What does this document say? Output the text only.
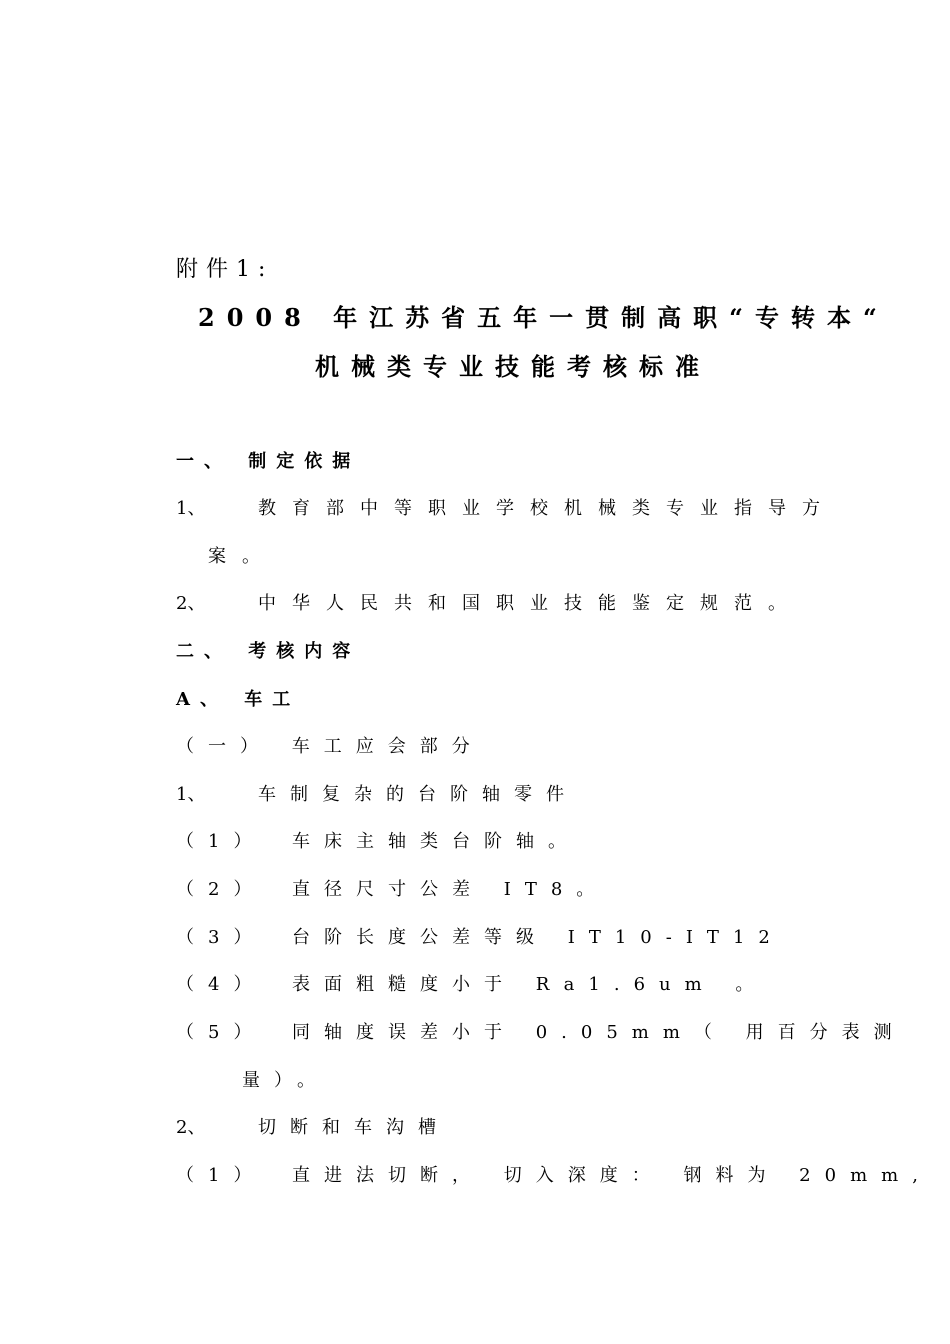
附件1:
2008 年江苏省五年一贯制高职“专转本“
机械类专业技能考核标准
一、 制定依据
1、	教育部中等职业学校机械类专业指导方
案。
2、	中华人民共和国职业技能鉴定规范。
二、 考核内容
A、 车工
（一） 车工应会部分
1、	车制复杂的台阶轴零件
（1） 车床主轴类台阶轴。
（2） 直径尺寸公差 IT8。
（3） 台阶长度公差等级 IT10-IT12
（4） 表面粗糙度小于 Ra1.6um 。
（5） 同轴度误差小于 0.05mm（ 用百分表测
量）。
2、	切断和车沟槽
（1） 直进法切断， 切入深度： 钢料为 20mm,
